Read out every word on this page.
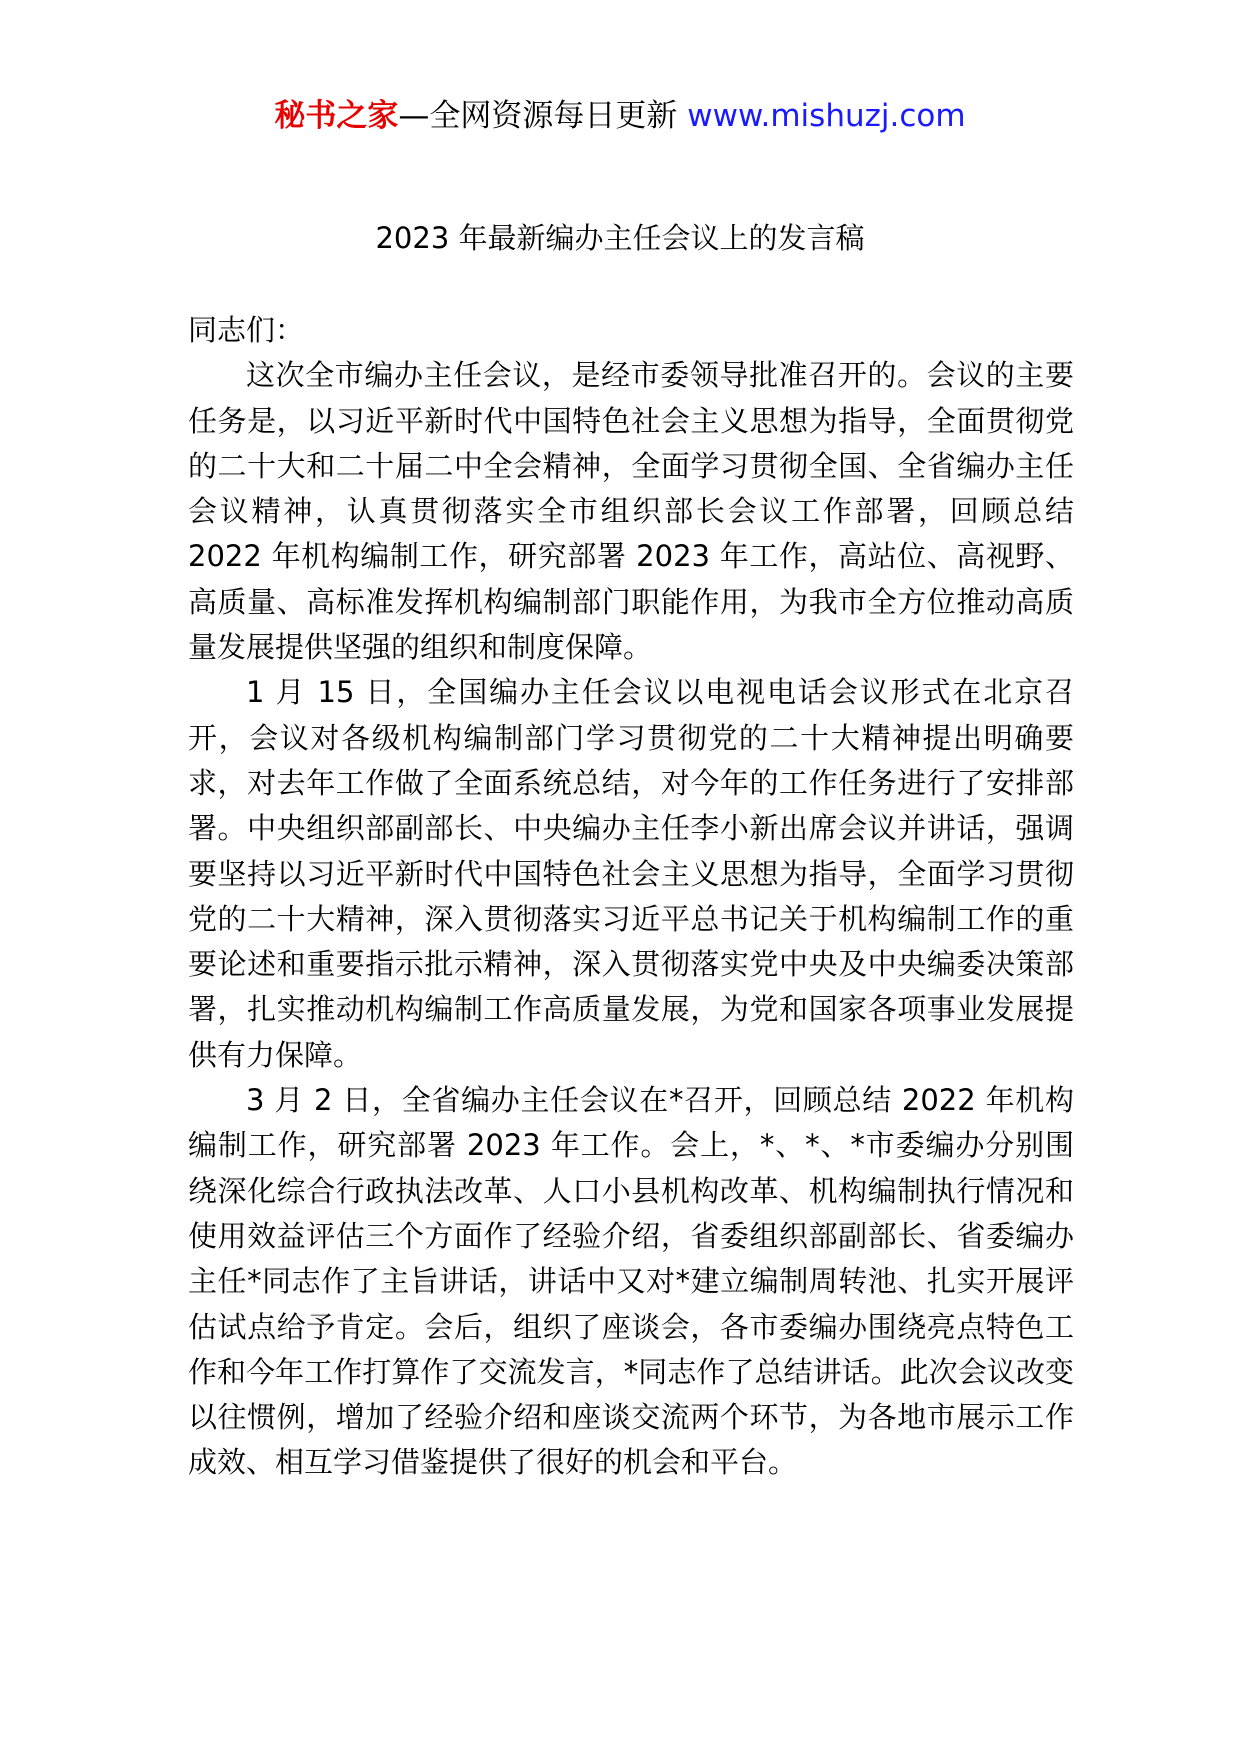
秘书之家—全网资源每日更新 www.mishuzj.com
2023 年最新编办主任会议上的发言稿

同志们：

这次全市编办主任会议，是经市委领导批准召开的。会议的主要任务是，以习近平新时代中国特色社会主义思想为指导，全面贯彻党的二十大和二十届二中全会精神，全面学习贯彻全国、全省编办主任会议精神，认真贯彻落实全市组织部长会议工作部署，回顾总结 2022 年机构编制工作，研究部署 2023 年工作，高站位、高视野、高质量、高标准发挥机构编制部门职能作用，为我市全方位推动高质量发展提供坚强的组织和制度保障。

1 月 15 日，全国编办主任会议以电视电话会议形式在北京召开，会议对各级机构编制部门学习贯彻党的二十大精神提出明确要求，对去年工作做了全面系统总结，对今年的工作任务进行了安排部署。中央组织部副部长、中央编办主任李小新出席会议并讲话，强调要坚持以习近平新时代中国特色社会主义思想为指导，全面学习贯彻党的二十大精神，深入贯彻落实习近平总书记关于机构编制工作的重要论述和重要指示批示精神，深入贯彻落实党中央及中央编委决策部署，扎实推动机构编制工作高质量发展，为党和国家各项事业发展提供有力保障。

3 月 2 日，全省编办主任会议在*召开，回顾总结 2022 年机构编制工作，研究部署 2023 年工作。会上，*、*、*市委编办分别围绕深化综合行政执法改革、人口小县机构改革、机构编制执行情况和使用效益评估三个方面作了经验介绍，省委组织部副部长、省委编办主任*同志作了主旨讲话，讲话中又对*建立编制周转池、扎实开展评估试点给予肯定。会后，组织了座谈会，各市委编办围绕亮点特色工作和今年工作打算作了交流发言，*同志作了总结讲话。此次会议改变以往惯例，增加了经验介绍和座谈交流两个环节，为各地市展示工作成效、相互学习借鉴提供了很好的机会和平台。
